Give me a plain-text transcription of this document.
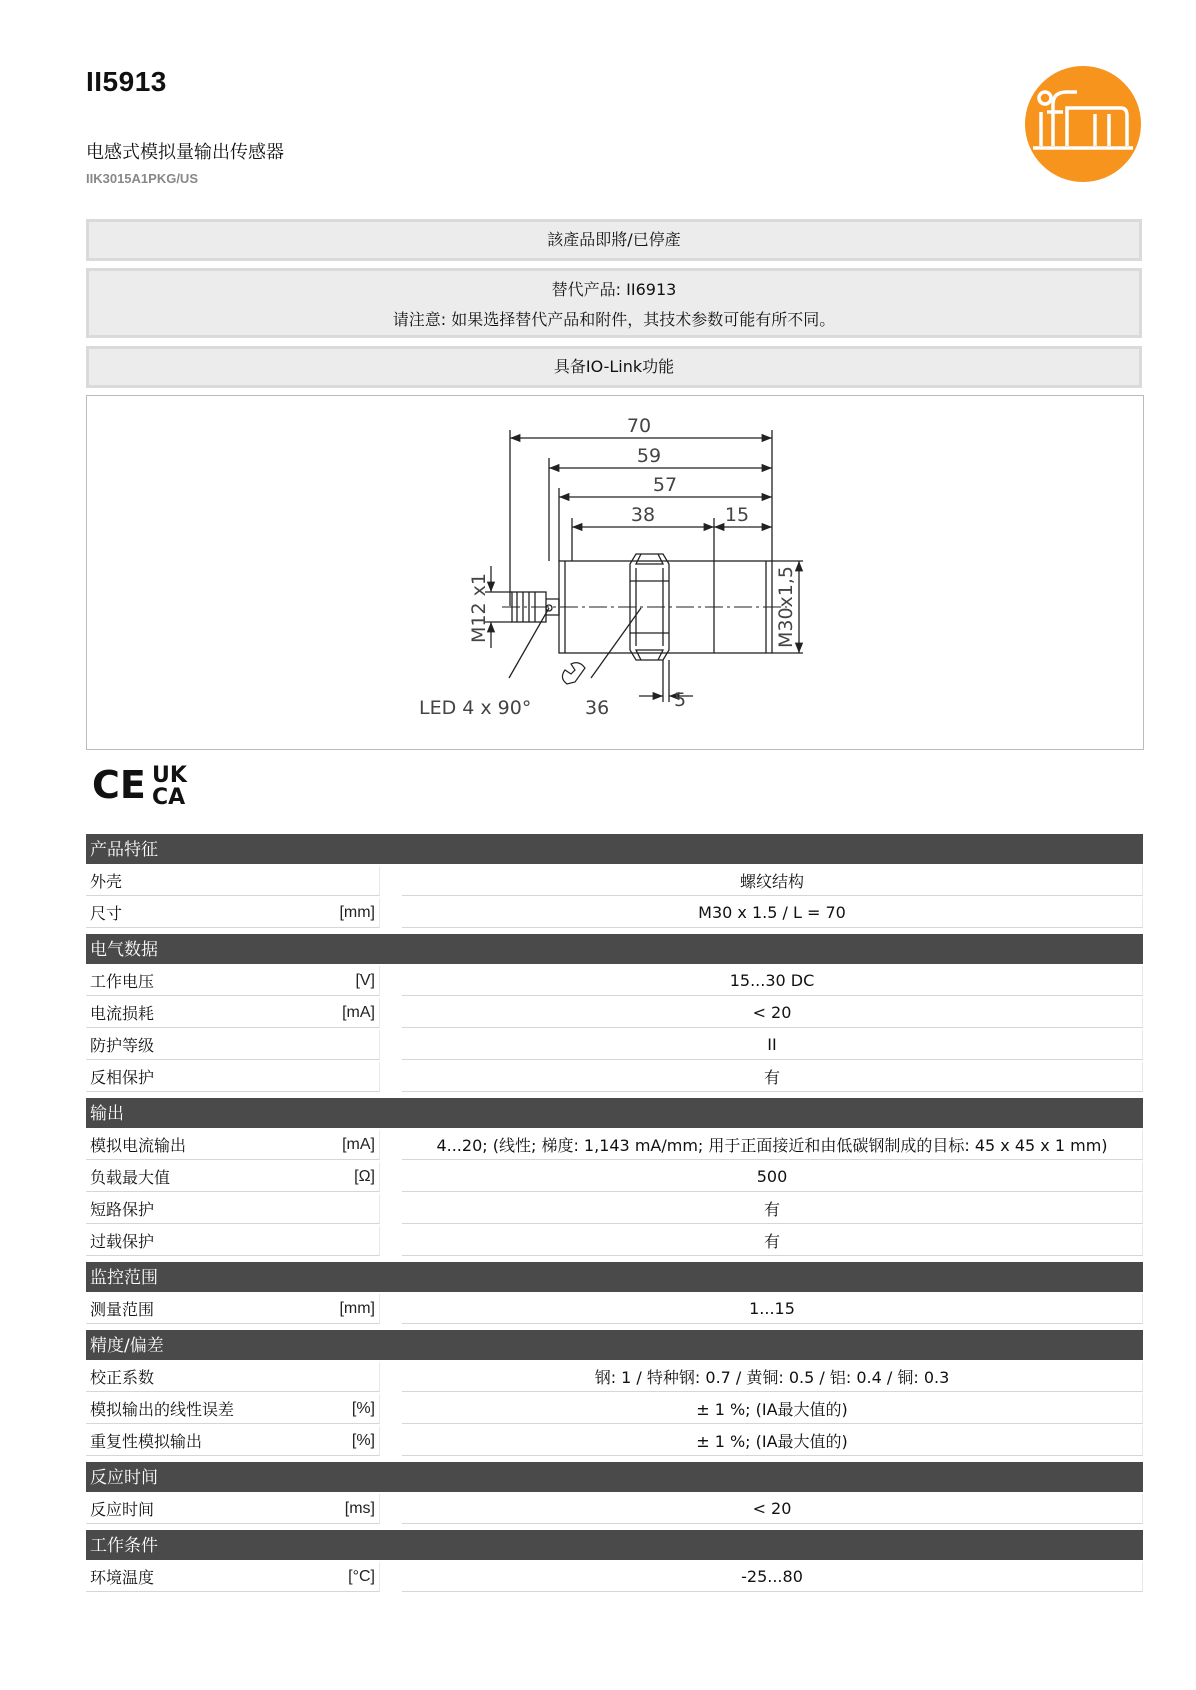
II5913
电感式模拟量输出传感器
IIK3015A1PKG/US
該產品即將/已停產
替代产品: II6913
请注意: 如果选择替代产品和附件，其技术参数可能有所不同。
具备IO-Link功能
70
59
57
38	15
5
M12 x1	M30x1,5
LED 4 x 90°	36
CE UK
CA
产品特征
外壳	螺纹结构
尺寸	[mm]	M30 x 1.5 / L = 70
电气数据
工作电压	[V]	15...30 DC
电流损耗	[mA]	< 20
防护等级	II
反相保护	有
输出
模拟电流输出	[mA]	4...20; (线性; 梯度: 1,143 mA/mm; 用于正面接近和由低碳钢制成的目标: 45 x 45 x 1 mm)
负载最大值	[Ω]	500
短路保护	有
过载保护	有
监控范围
测量范围	[mm]	1...15
精度/偏差
校正系数	钢: 1 / 特种钢: 0.7 / 黄铜: 0.5 / 铝: 0.4 / 铜: 0.3
模拟输出的线性误差	[%]	± 1 %; (IA最大值的)
重复性模拟输出	[%]	± 1 %; (IA最大值的)
反应时间
反应时间	[ms]	< 20
工作条件
环境温度	[°C]	-25...80
